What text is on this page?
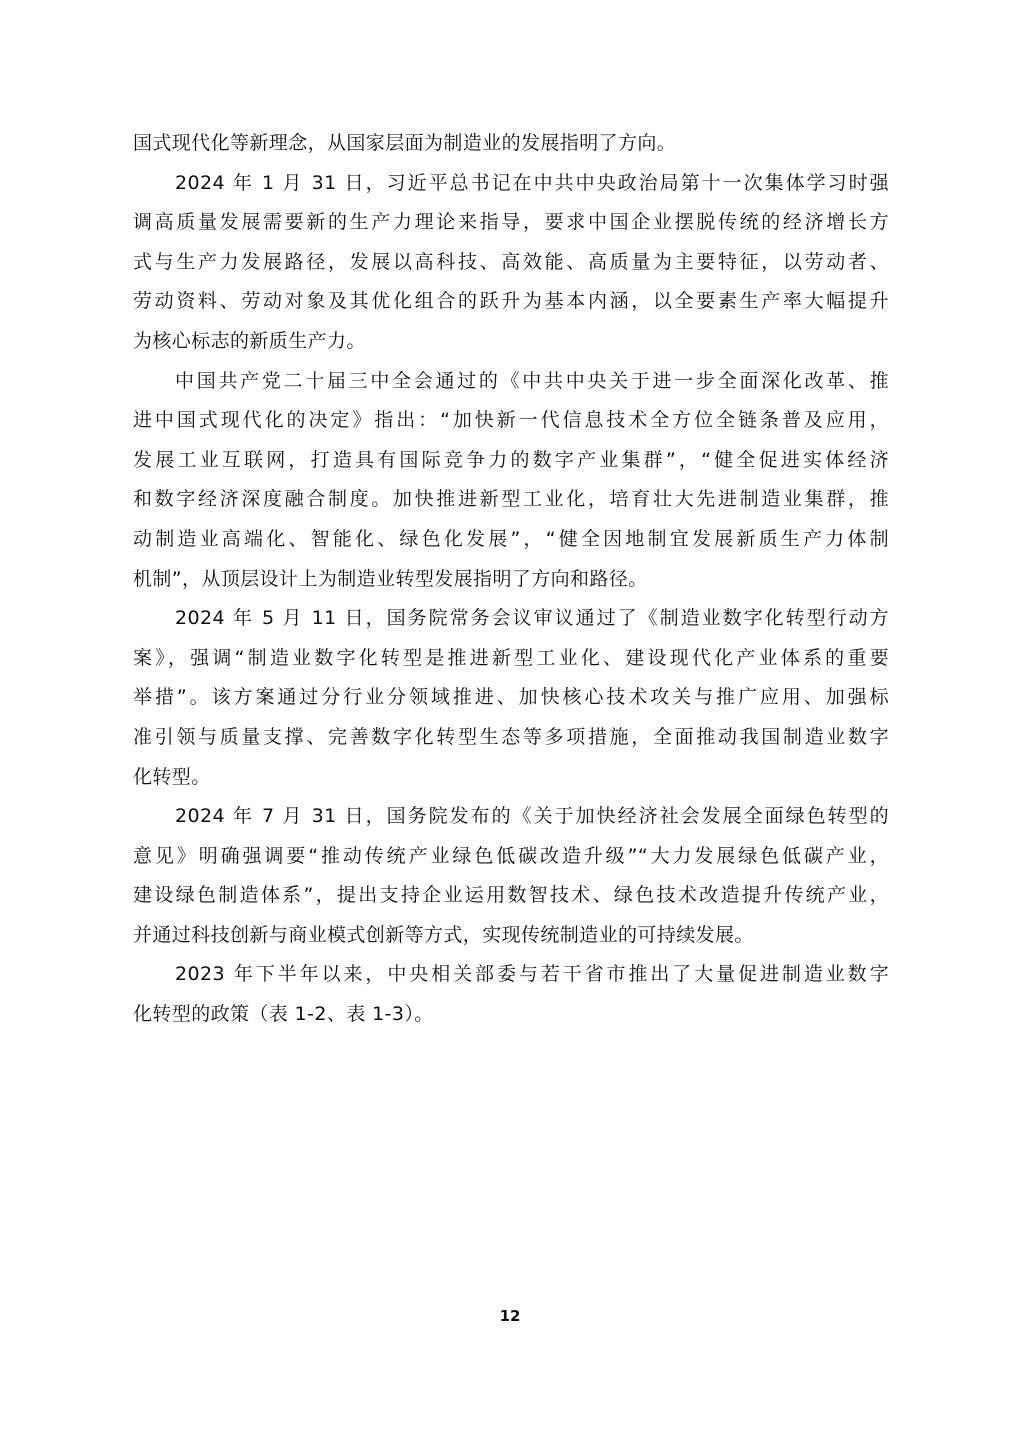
国式现代化等新理念，从国家层面为制造业的发展指明了方向。
2024 年 1 月 31 日，习近平总书记在中共中央政治局第十一次集体学习时强
调高质量发展需要新的生产力理论来指导，要求中国企业摆脱传统的经济增长方
式与生产力发展路径，发展以高科技、高效能、高质量为主要特征，以劳动者、
劳动资料、劳动对象及其优化组合的跃升为基本内涵，以全要素生产率大幅提升
为核心标志的新质生产力。
中国共产党二十届三中全会通过的《中共中央关于进一步全面深化改革、推
进中国式现代化的决定》指出：“加快新一代信息技术全方位全链条普及应用，
发展工业互联网，打造具有国际竞争力的数字产业集群”，“健全促进实体经济
和数字经济深度融合制度。加快推进新型工业化，培育壮大先进制造业集群，推
动制造业高端化、智能化、绿色化发展”，“健全因地制宜发展新质生产力体制
机制”，从顶层设计上为制造业转型发展指明了方向和路径。
2024 年 5 月 11 日，国务院常务会议审议通过了《制造业数字化转型行动方
案》，强调“制造业数字化转型是推进新型工业化、建设现代化产业体系的重要
举措”。该方案通过分行业分领域推进、加快核心技术攻关与推广应用、加强标
准引领与质量支撑、完善数字化转型生态等多项措施，全面推动我国制造业数字
化转型。
2024 年 7 月 31 日，国务院发布的《关于加快经济社会发展全面绿色转型的
意见》明确强调要“推动传统产业绿色低碳改造升级”“大力发展绿色低碳产业，
建设绿色制造体系”，提出支持企业运用数智技术、绿色技术改造提升传统产业，
并通过科技创新与商业模式创新等方式，实现传统制造业的可持续发展。
2023 年下半年以来，中央相关部委与若干省市推出了大量促进制造业数字
化转型的政策（表 1-2、表 1-3）。
12
